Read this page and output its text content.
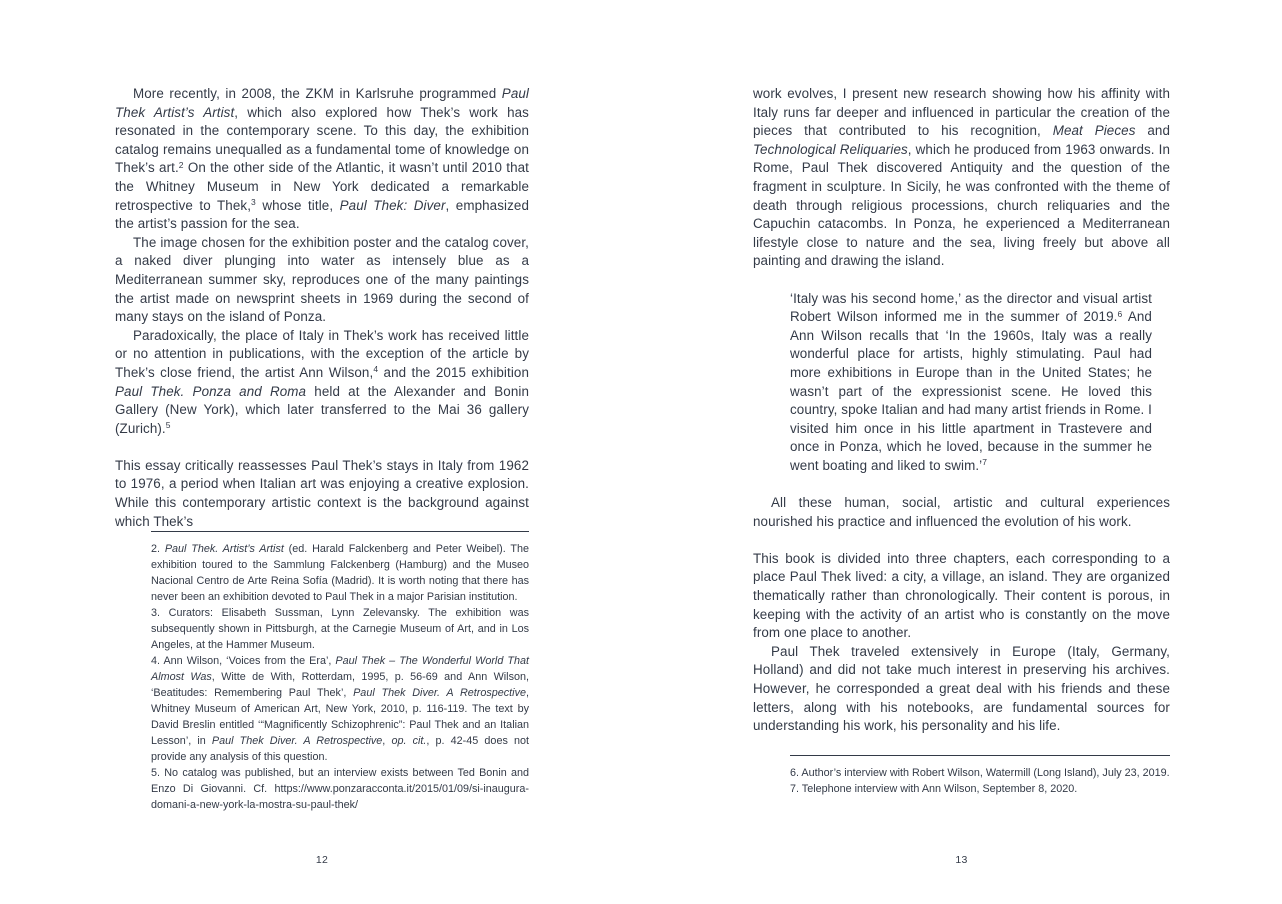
More recently, in 2008, the ZKM in Karlsruhe programmed Paul Thek Artist’s Artist, which also explored how Thek’s work has resonated in the contemporary scene. To this day, the exhibition catalog remains unequalled as a fundamental tome of knowledge on Thek’s art.$^2$ On the other side of the Atlantic, it wasn’t until 2010 that the Whitney Museum in New York dedicated a remarkable retrospective to Thek,$^3$ whose title, Paul Thek: Diver, emphasized the artist’s passion for the sea.

The image chosen for the exhibition poster and the catalog cover, a naked diver plunging into water as intensely blue as a Mediterranean summer sky, reproduces one of the many paintings the artist made on newsprint sheets in 1969 during the second of many stays on the island of Ponza.

Paradoxically, the place of Italy in Thek’s work has received little or no attention in publications, with the exception of the article by Thek’s close friend, the artist Ann Wilson,$^4$ and the 2015 exhibition Paul Thek. Ponza and Roma held at the Alexander and Bonin Gallery (New York), which later transferred to the Mai 36 gallery (Zurich).$^5$

This essay critically reassesses Paul Thek’s stays in Italy from 1962 to 1976, a period when Italian art was enjoying a creative explosion. While this contemporary artistic context is the background against which Thek’s

2. Paul Thek. Artist’s Artist (ed. Harald Falckenberg and Peter Weibel). The exhibition toured to the Sammlung Falckenberg (Hamburg) and the Museo Nacional Centro de Arte Reina Sofía (Madrid). It is worth noting that there has never been an exhibition devoted to Paul Thek in a major Parisian institution.

3. Curators: Elisabeth Sussman, Lynn Zelevansky. The exhibition was subsequently shown in Pittsburgh, at the Carnegie Museum of Art, and in Los Angeles, at the Hammer Museum.

4. Ann Wilson, ‘Voices from the Era’, Paul Thek – The Wonderful World That Almost Was, Witte de With, Rotterdam, 1995, p. 56-69 and Ann Wilson, ‘Beatitudes: Remembering Paul Thek’, Paul Thek Diver. A Retrospective, Whitney Museum of American Art, New York, 2010, p. 116-119. The text by David Breslin entitled ‘“Magnificently Schizophrenic”: Paul Thek and an Italian Lesson’, in Paul Thek Diver. A Retrospective, op. cit., p. 42-45 does not provide any analysis of this question.

5. No catalog was published, but an interview exists between Ted Bonin and Enzo Di Giovanni. Cf. https://www.ponzaracconta.it/2015/01/09/si-inaugura-domani-a-new-york-la-mostra-su-paul-thek/

12

work evolves, I present new research showing how his affinity with Italy runs far deeper and influenced in particular the creation of the pieces that contributed to his recognition, Meat Pieces and Technological Reliquaries, which he produced from 1963 onwards. In Rome, Paul Thek discovered Antiquity and the question of the fragment in sculpture. In Sicily, he was confronted with the theme of death through religious processions, church reliquaries and the Capuchin catacombs. In Ponza, he experienced a Mediterranean lifestyle close to nature and the sea, living freely but above all painting and drawing the island.

‘Italy was his second home,’ as the director and visual artist Robert Wilson informed me in the summer of 2019.$^6$ And Ann Wilson recalls that ‘In the 1960s, Italy was a really wonderful place for artists, highly stimulating. Paul had more exhibitions in Europe than in the United States; he wasn’t part of the expressionist scene. He loved this country, spoke Italian and had many artist friends in Rome. I visited him once in his little apartment in Trastevere and once in Ponza, which he loved, because in the summer he went boating and liked to swim.’$^7$

All these human, social, artistic and cultural experiences nourished his practice and influenced the evolution of his work.

This book is divided into three chapters, each corresponding to a place Paul Thek lived: a city, a village, an island. They are organized thematically rather than chronologically. Their content is porous, in keeping with the activity of an artist who is constantly on the move from one place to another.

Paul Thek traveled extensively in Europe (Italy, Germany, Holland) and did not take much interest in preserving his archives. However, he corresponded a great deal with his friends and these letters, along with his notebooks, are fundamental sources for understanding his work, his personality and his life.

6. Author’s interview with Robert Wilson, Watermill (Long Island), July 23, 2019.

7. Telephone interview with Ann Wilson, September 8, 2020.

13
